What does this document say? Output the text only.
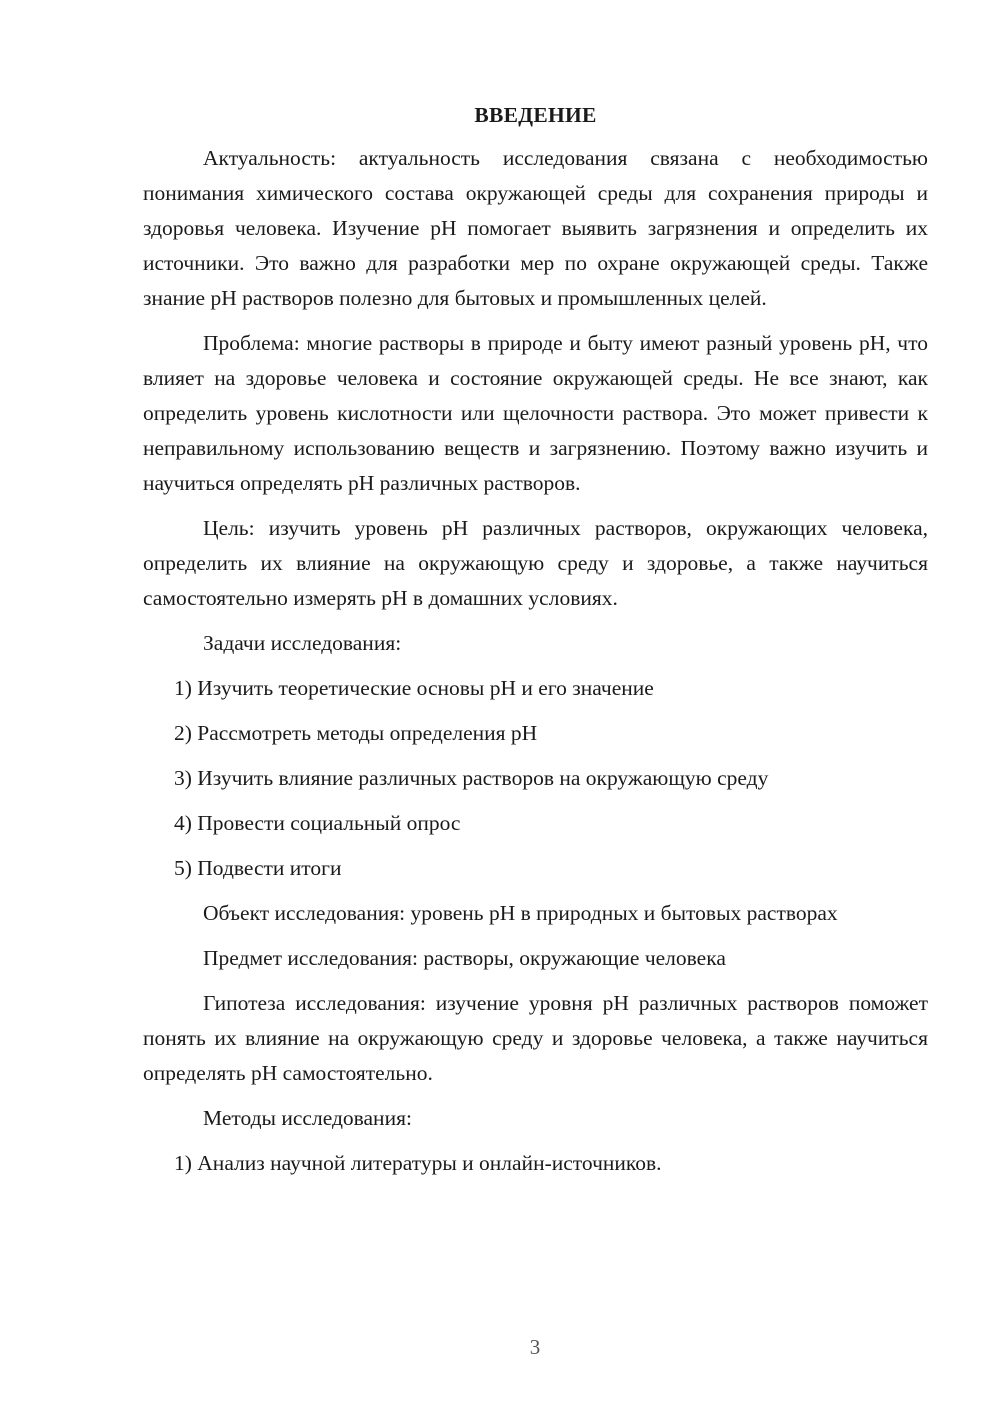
ВВЕДЕНИЕ

Актуальность: актуальность исследования связана с необходимостью понимания химического состава окружающей среды для сохранения природы и здоровья человека. Изучение pH помогает выявить загрязнения и определить их источники. Это важно для разработки мер по охране окружающей среды. Также знание pH растворов полезно для бытовых и промышленных целей.

Проблема: многие растворы в природе и быту имеют разный уровень pH, что влияет на здоровье человека и состояние окружающей среды. Не все знают, как определить уровень кислотности или щелочности раствора. Это может привести к неправильному использованию веществ и загрязнению. Поэтому важно изучить и научиться определять pH различных растворов.

Цель: изучить уровень pH различных растворов, окружающих человека, определить их влияние на окружающую среду и здоровье, а также научиться самостоятельно измерять pH в домашних условиях.

Задачи исследования:

1) Изучить теоретические основы pH и его значение

2) Рассмотреть методы определения pH

3) Изучить влияние различных растворов на окружающую среду

4) Провести социальный опрос

5) Подвести итоги

Объект исследования: уровень pH в природных и бытовых растворах

Предмет исследования: растворы, окружающие человека

Гипотеза исследования: изучение уровня pH различных растворов поможет понять их влияние на окружающую среду и здоровье человека, а также научиться определять pH самостоятельно.

Методы исследования:

1) Анализ научной литературы и онлайн-источников.

3
